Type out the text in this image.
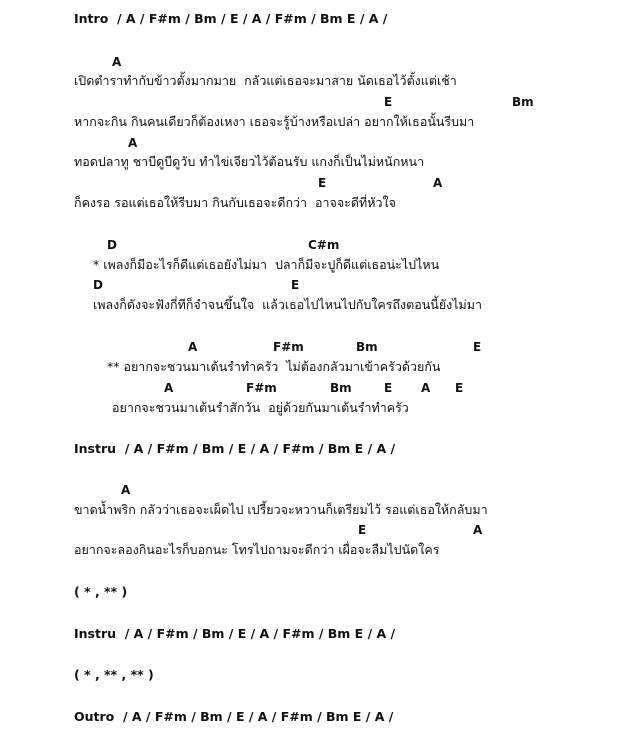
Intro  / A / F#m / Bm / E / A / F#m / Bm E / A /
A
เปิดตำราทำกับข้าวตั้งมากมาย  กลัวแต่เธอจะมาสาย นัดเธอไว้ตั้งแต่เช้า
E	Bm
หากจะกิน กินคนเดียวก็ต้องเหงา เธอจะรู้บ้างหรือเปล่า อยากให้เธอนั้นรีบมา
A
ทอดปลาทู ชาบีดูบีดูวับ ทำไข่เจียวไว้ต้อนรับ แกงก็เป็นไม่หนักหนา
E	A
ก็คงรอ รอแต่เธอให้รีบมา กินกับเธอจะดีกว่า  อาจจะดีที่หัวใจ
D	C#m
* เพลงก็มีอะไรก็ดีแต่เธอยังไม่มา  ปลาก็มีจะปูก็ดีแต่เธอน่ะไปไหน
D	E
เพลงก็ดังจะฟังกี่ทีก็จำจนขึ้นใจ  แล้วเธอไปไหนไปกับใครถึงตอนนี้ยังไม่มา
A	F#m	Bm	E
** อยากจะชวนมาเต้นรำทำครัว  ไม่ต้องกลัวมาเข้าครัวด้วยกัน
A	F#m	Bm	E A E
อยากจะชวนมาเต้นรำสักวัน  อยู่ด้วยกันมาเต้นรำทำครัว
Instru  / A / F#m / Bm / E / A / F#m / Bm E / A /
A
ขาดน้ำพริก กลัวว่าเธอจะเผ็ดไป เปรี้ยวจะหวานก็เตรียมไว้ รอแต่เธอให้กลับมา
E	A
อยากจะลองกินอะไรก็บอกนะ โทรไปถามจะดีกว่า เผื่อจะลืมไปนัดใคร
( * , ** )
Instru  / A / F#m / Bm / E / A / F#m / Bm E / A /
( * , ** , ** )
Outro  / A / F#m / Bm / E / A / F#m / Bm E / A /
